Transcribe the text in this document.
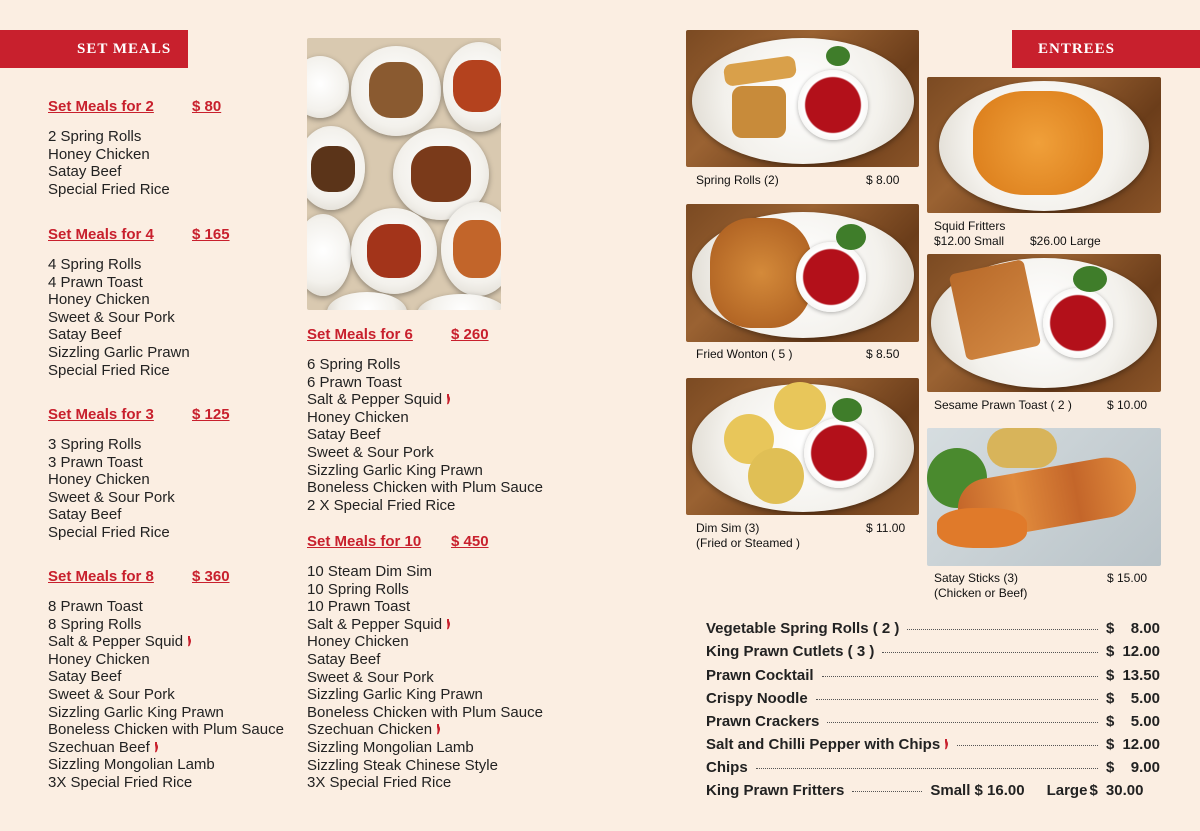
SET MEALS	ENTREES
Set Meals for 2	$ 80
2 Spring Rolls
Honey Chicken
Satay Beef
Special Fried Rice
Set Meals for 4	$ 165
4 Spring Rolls
4 Prawn Toast
Honey Chicken
Sweet & Sour Pork
Satay Beef
Sizzling Garlic Prawn
Special Fried Rice
Set Meals for 3	$ 125
3 Spring Rolls
3 Prawn Toast
Honey Chicken
Sweet & Sour Pork
Satay Beef
Special Fried Rice
Set Meals for 8	$ 360
8 Prawn Toast
8 Spring Rolls
Salt & Pepper Squid
Honey Chicken
Satay Beef
Sweet & Sour Pork
Sizzling Garlic King Prawn
Boneless Chicken with Plum Sauce
Szechuan Beef
Sizzling Mongolian Lamb
3X Special Fried Rice
Set Meals for 6	$ 260
6 Spring Rolls
6 Prawn Toast
Salt & Pepper Squid
Honey Chicken
Satay Beef
Sweet & Sour Pork
Sizzling Garlic King Prawn
Boneless Chicken with Plum Sauce
2 X Special Fried Rice
Set Meals for 10	$ 450
10 Steam Dim Sim
10 Spring Rolls
10 Prawn Toast
Salt & Pepper Squid
Honey Chicken
Satay Beef
Sweet & Sour Pork
Sizzling Garlic King Prawn
Boneless Chicken with Plum Sauce
Szechuan Chicken
Sizzling Mongolian Lamb
Sizzling Steak Chinese Style
3X Special Fried Rice
Spring Rolls (2)	$ 8.00
Squid Fritters
$12.00 Small $26.00 Large
Fried Wonton ( 5 )	$ 8.50
Sesame Prawn Toast ( 2 )	$ 10.00
Dim Sim (3)	$ 11.00
(Fried or Steamed )
Satay Sticks (3)	$ 15.00
(Chicken or Beef)
Vegetable Spring Rolls ( 2 )	$ 8.00
King Prawn Cutlets ( 3 )	$ 12.00
Prawn Cocktail	$ 13.50
Crispy Noodle	$ 5.00
Prawn Crackers	$ 5.00
Salt and Chilli Pepper with Chips	$ 12.00
Chips	$ 9.00
King Prawn Fritters	Small $ 16.00 Large $ 30.00
